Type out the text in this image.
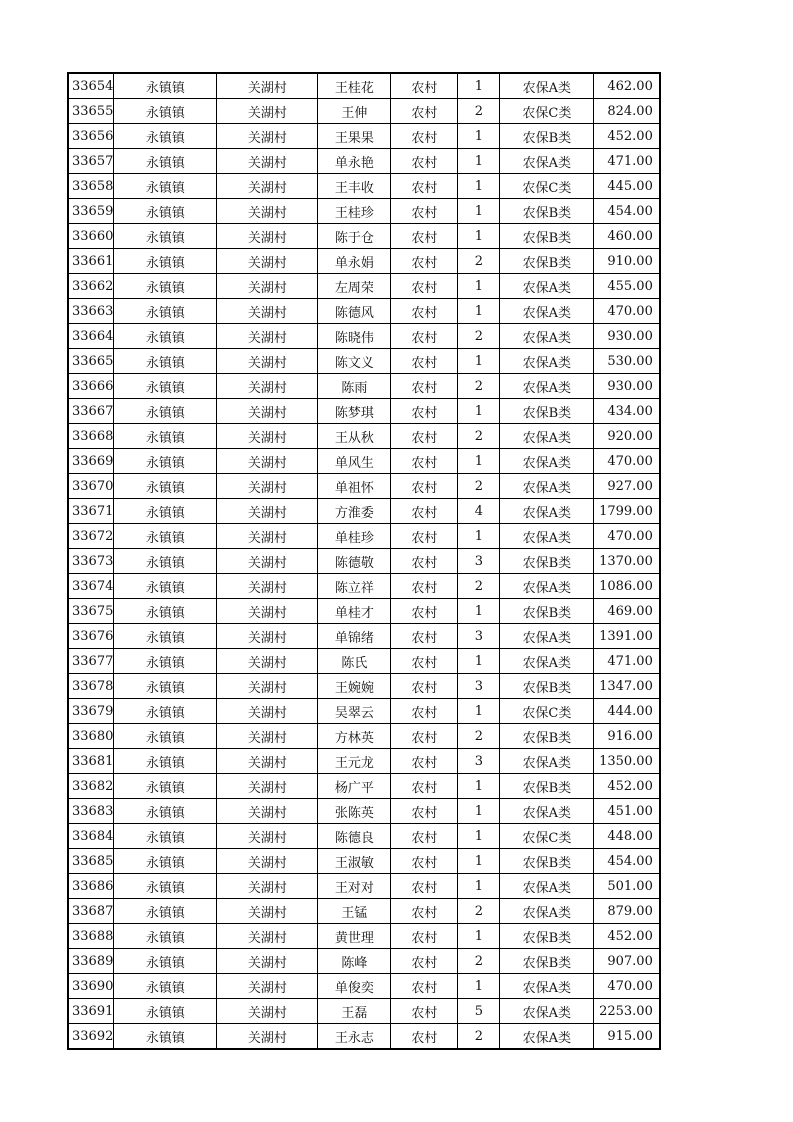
33654	永镇镇	关湖村	王桂花	农村	1	农保A类	462.00
33655	永镇镇	关湖村	王伸	农村	2	农保C类	824.00
33656	永镇镇	关湖村	王果果	农村	1	农保B类	452.00
33657	永镇镇	关湖村	单永艳	农村	1	农保A类	471.00
33658	永镇镇	关湖村	王丰收	农村	1	农保C类	445.00
33659	永镇镇	关湖村	王桂珍	农村	1	农保B类	454.00
33660	永镇镇	关湖村	陈于仓	农村	1	农保B类	460.00
33661	永镇镇	关湖村	单永娟	农村	2	农保B类	910.00
33662	永镇镇	关湖村	左周荣	农村	1	农保A类	455.00
33663	永镇镇	关湖村	陈德风	农村	1	农保A类	470.00
33664	永镇镇	关湖村	陈晓伟	农村	2	农保A类	930.00
33665	永镇镇	关湖村	陈文义	农村	1	农保A类	530.00
33666	永镇镇	关湖村	陈雨	农村	2	农保A类	930.00
33667	永镇镇	关湖村	陈梦琪	农村	1	农保B类	434.00
33668	永镇镇	关湖村	王从秋	农村	2	农保A类	920.00
33669	永镇镇	关湖村	单风生	农村	1	农保A类	470.00
33670	永镇镇	关湖村	单祖怀	农村	2	农保A类	927.00
33671	永镇镇	关湖村	方淮委	农村	4	农保A类	1799.00
33672	永镇镇	关湖村	单桂珍	农村	1	农保A类	470.00
33673	永镇镇	关湖村	陈德敬	农村	3	农保B类	1370.00
33674	永镇镇	关湖村	陈立祥	农村	2	农保A类	1086.00
33675	永镇镇	关湖村	单桂才	农村	1	农保B类	469.00
33676	永镇镇	关湖村	单锦绪	农村	3	农保A类	1391.00
33677	永镇镇	关湖村	陈氏	农村	1	农保A类	471.00
33678	永镇镇	关湖村	王婉婉	农村	3	农保B类	1347.00
33679	永镇镇	关湖村	吴翠云	农村	1	农保C类	444.00
33680	永镇镇	关湖村	方林英	农村	2	农保B类	916.00
33681	永镇镇	关湖村	王元龙	农村	3	农保A类	1350.00
33682	永镇镇	关湖村	杨广平	农村	1	农保B类	452.00
33683	永镇镇	关湖村	张陈英	农村	1	农保A类	451.00
33684	永镇镇	关湖村	陈德良	农村	1	农保C类	448.00
33685	永镇镇	关湖村	王淑敏	农村	1	农保B类	454.00
33686	永镇镇	关湖村	王对对	农村	1	农保A类	501.00
33687	永镇镇	关湖村	王锰	农村	2	农保A类	879.00
33688	永镇镇	关湖村	黄世理	农村	1	农保B类	452.00
33689	永镇镇	关湖村	陈峰	农村	2	农保B类	907.00
33690	永镇镇	关湖村	单俊奕	农村	1	农保A类	470.00
33691	永镇镇	关湖村	王磊	农村	5	农保A类	2253.00
33692	永镇镇	关湖村	王永志	农村	2	农保A类	915.00
